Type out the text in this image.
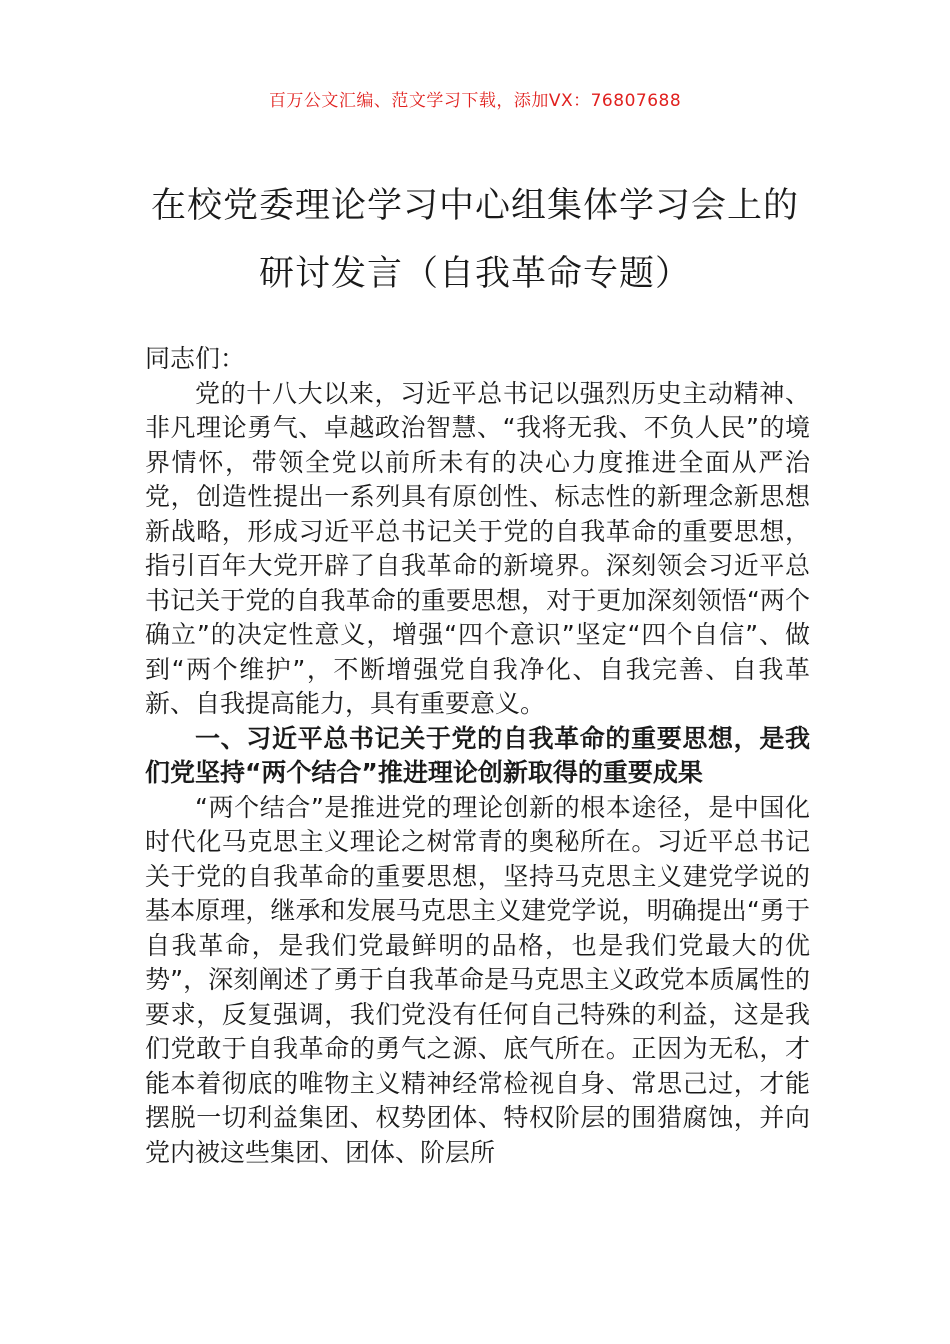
百万公文汇编、范文学习下载，添加VX：76807688
在校党委理论学习中心组集体学习会上的
研讨发言（自我革命专题）

同志们：

党的十八大以来，习近平总书记以强烈历史主动精神、非凡理论勇气、卓越政治智慧、“我将无我、不负人民”的境界情怀，带领全党以前所未有的决心力度推进全面从严治党，创造性提出一系列具有原创性、标志性的新理念新思想新战略，形成习近平总书记关于党的自我革命的重要思想，指引百年大党开辟了自我革命的新境界。深刻领会习近平总书记关于党的自我革命的重要思想，对于更加深刻领悟“两个确立”的决定性意义，增强“四个意识”坚定“四个自信”、做到“两个维护”，不断增强党自我净化、自我完善、自我革新、自我提高能力，具有重要意义。

一、习近平总书记关于党的自我革命的重要思想，是我们党坚持“两个结合”推进理论创新取得的重要成果

“两个结合”是推进党的理论创新的根本途径，是中国化时代化马克思主义理论之树常青的奥秘所在。习近平总书记关于党的自我革命的重要思想，坚持马克思主义建党学说的基本原理，继承和发展马克思主义建党学说，明确提出“勇于自我革命，是我们党最鲜明的品格，也是我们党最大的优势”，深刻阐述了勇于自我革命是马克思主义政党本质属性的要求，反复强调，我们党没有任何自己特殊的利益，这是我们党敢于自我革命的勇气之源、底气所在。正因为无私，才能本着彻底的唯物主义精神经常检视自身、常思己过，才能摆脱一切利益集团、权势团体、特权阶层的围猎腐蚀，并向党内被这些集团、团体、阶层所
